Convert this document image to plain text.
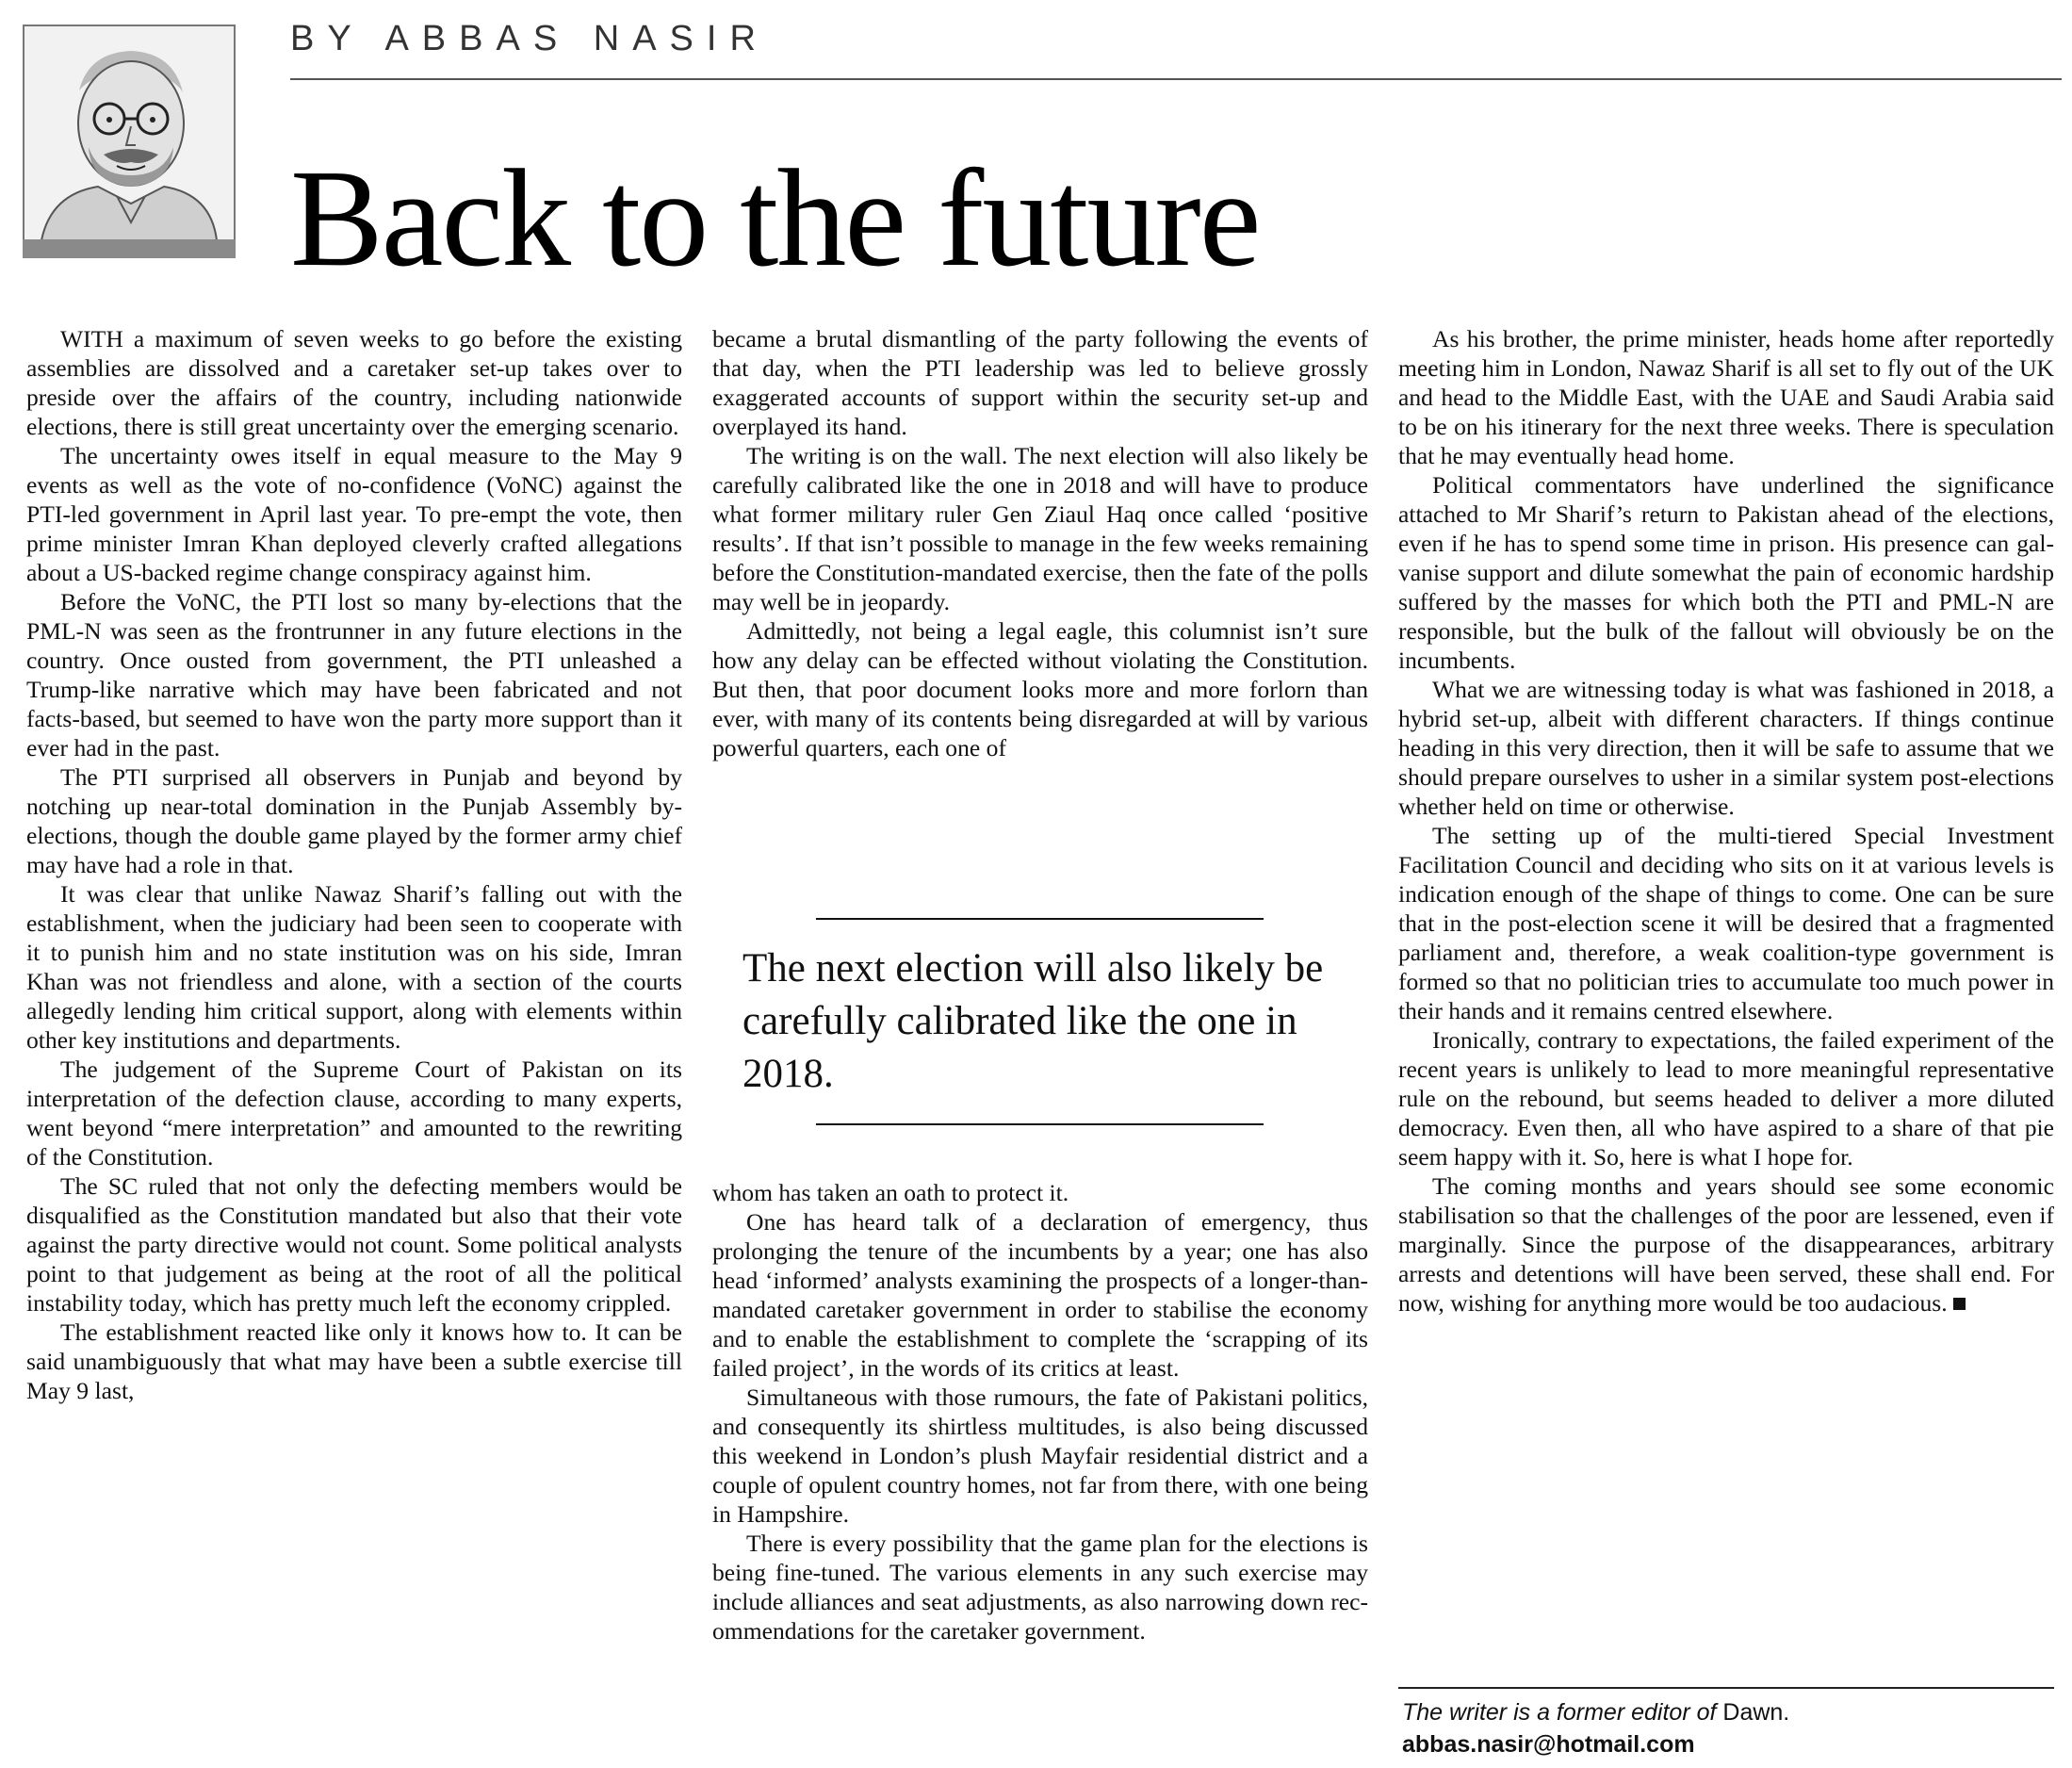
BY ABBAS NASIR
Back to the future

WITH a maximum of seven weeks to go before the existing assemblies are dissolved and a caretaker set-up takes over to preside over the affairs of the country, including nationwide elections, there is still great uncertainty over the emerging scenario.

The uncertainty owes itself in equal measure to the May 9 events as well as the vote of no-confidence (VoNC) against the PTI-led government in April last year. To pre-empt the vote, then prime minister Imran Khan deployed cleverly crafted allegations about a US-backed regime change conspiracy against him.

Before the VoNC, the PTI lost so many by-elections that the PML-N was seen as the frontrunner in any future elections in the country. Once ousted from government, the PTI unleashed a Trump-like narrative which may have been fabricated and not facts-based, but seemed to have won the party more support than it ever had in the past.

The PTI surprised all observers in Punjab and beyond by notching up near-total domination in the Punjab Assembly by-elections, though the double game played by the former army chief may have had a role in that.

It was clear that unlike Nawaz Sharif’s falling out with the establishment, when the judiciary had been seen to cooperate with it to punish him and no state institution was on his side, Imran Khan was not friendless and alone, with a section of the courts allegedly lending him critical support, along with elements within other key institutions and departments.

The judgement of the Supreme Court of Pakistan on its interpretation of the defection clause, according to many experts, went beyond “mere interpretation” and amounted to the rewriting of the Constitution.

The SC ruled that not only the defecting members would be disqualified as the Constitution mandated but also that their vote against the party directive would not count. Some political analysts point to that judgement as being at the root of all the political instability today, which has pretty much left the economy crippled.

The establishment reacted like only it knows how to. It can be said unambiguously that what may have been a subtle exercise till May 9 last,

became a brutal dismantling of the party following the events of that day, when the PTI leadership was led to believe grossly exaggerated accounts of support within the security set-up and overplayed its hand.

The writing is on the wall. The next election will also likely be carefully calibrated like the one in 2018 and will have to produce what former military ruler Gen Ziaul Haq once called ‘positive results’. If that isn’t possible to manage in the few weeks remaining before the Constitution-mandated exercise, then the fate of the polls may well be in jeopardy.

Admittedly, not being a legal eagle, this columnist isn’t sure how any delay can be effected without violating the Constitution. But then, that poor document looks more and more forlorn than ever, with many of its contents being disregarded at will by various powerful quarters, each one of

The next election will also likely be carefully calibrated like the one in 2018.

whom has taken an oath to protect it.

One has heard talk of a declaration of emergency, thus prolonging the tenure of the incumbents by a year; one has also head ‘informed’ analysts examining the prospects of a longer-than-mandated caretaker government in order to stabilise the economy and to enable the establishment to complete the ‘scrapping of its failed project’, in the words of its critics at least.

Simultaneous with those rumours, the fate of Pakistani politics, and consequently its shirtless multitudes, is also being discussed this weekend in London’s plush Mayfair residential district and a couple of opulent country homes, not far from there, with one being in Hampshire.

There is every possibility that the game plan for the elections is being fine-tuned. The various elements in any such exercise may include alliances and seat adjustments, as also narrowing down recommendations for the caretaker government.

As his brother, the prime minister, heads home after reportedly meeting him in London, Nawaz Sharif is all set to fly out of the UK and head to the Middle East, with the UAE and Saudi Arabia said to be on his itinerary for the next three weeks. There is speculation that he may eventually head home.

Political commentators have underlined the significance attached to Mr Sharif’s return to Pakistan ahead of the elections, even if he has to spend some time in prison. His presence can galvanise support and dilute somewhat the pain of economic hardship suffered by the masses for which both the PTI and PML-N are responsible, but the bulk of the fallout will obviously be on the incumbents.

What we are witnessing today is what was fashioned in 2018, a hybrid set-up, albeit with different characters. If things continue heading in this very direction, then it will be safe to assume that we should prepare ourselves to usher in a similar system post-elections whether held on time or otherwise.

The setting up of the multi-tiered Special Investment Facilitation Council and deciding who sits on it at various levels is indication enough of the shape of things to come. One can be sure that in the post-election scene it will be desired that a fragmented parliament and, therefore, a weak coalition-type government is formed so that no politician tries to accumulate too much power in their hands and it remains centred elsewhere.

Ironically, contrary to expectations, the failed experiment of the recent years is unlikely to lead to more meaningful representative rule on the rebound, but seems headed to deliver a more diluted democracy. Even then, all who have aspired to a share of that pie seem happy with it. So, here is what I hope for.

The coming months and years should see some economic stabilisation so that the challenges of the poor are lessened, even if marginally. Since the purpose of the disappearances, arbitrary arrests and detentions will have been served, these shall end. For now, wishing for anything more would be too audacious.

The writer is a former editor of Dawn.
abbas.nasir@hotmail.com
